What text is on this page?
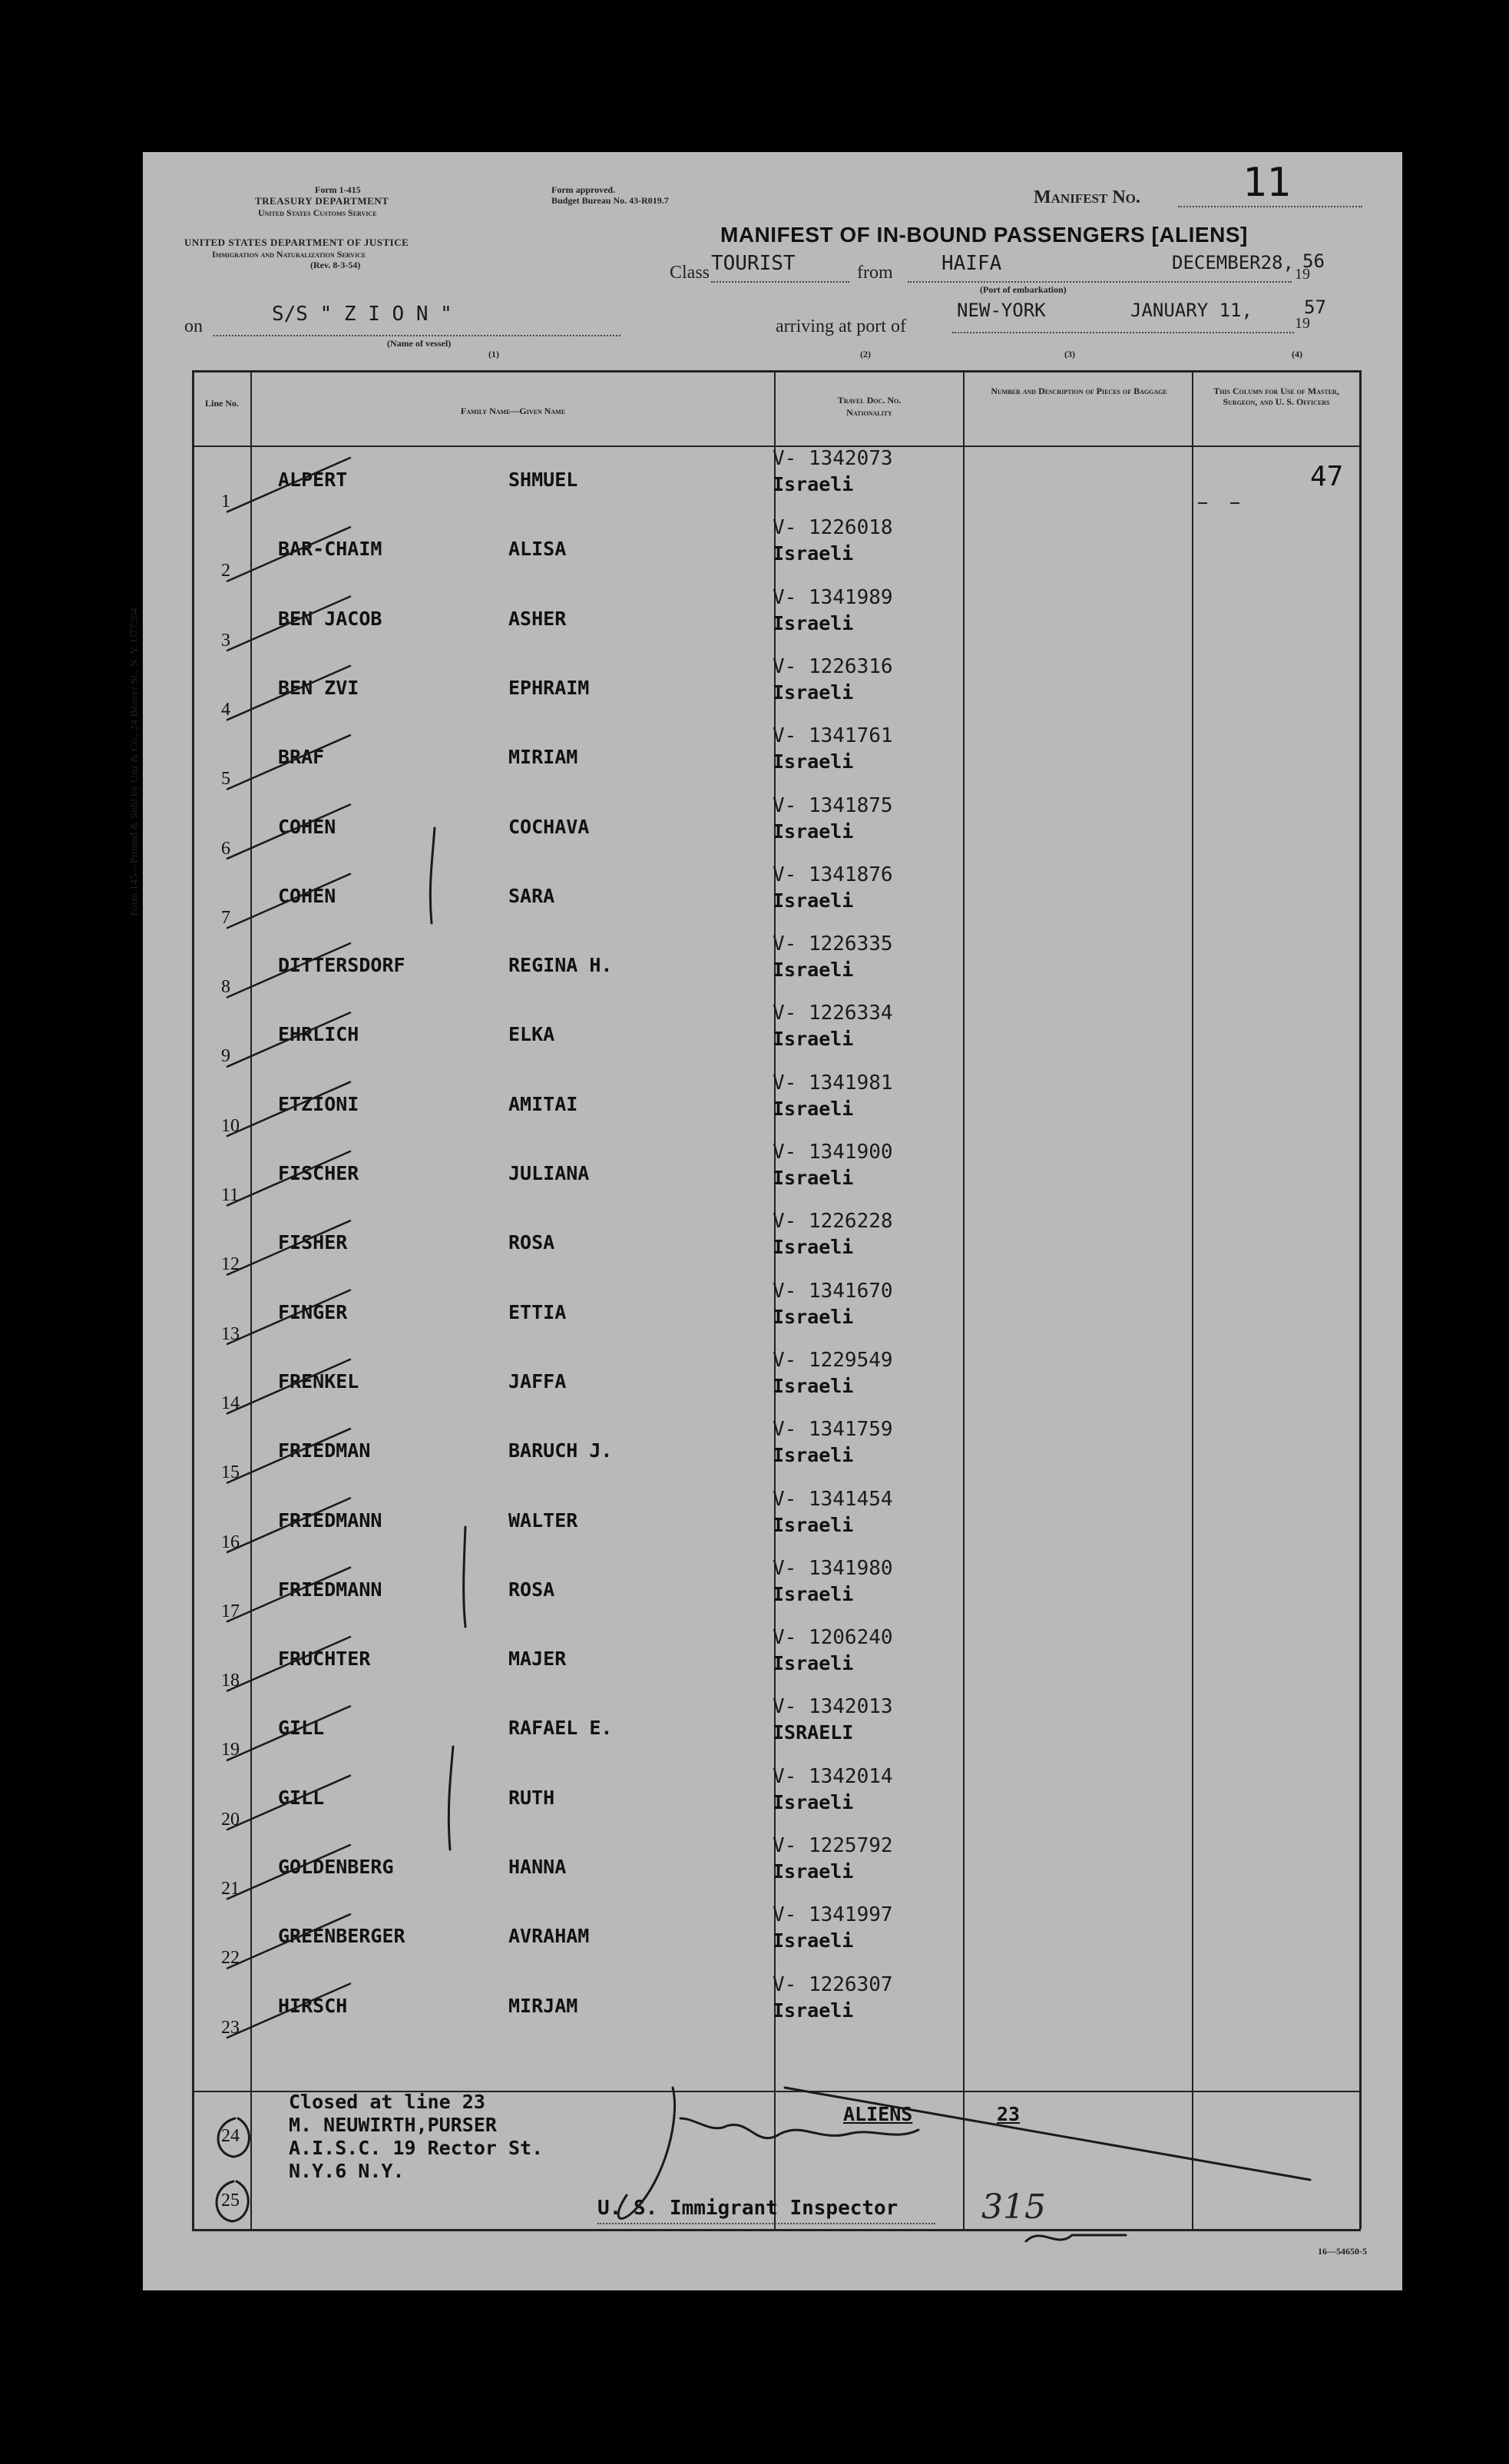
Form 145—Printed & Sold by Unz & Co., 24 Beaver St., N. Y. U77204
Form 1-415
TREASURY DEPARTMENT
United States Customs Service
UNITED STATES DEPARTMENT OF JUSTICE
Immigration and Naturalization Service
(Rev. 8-3-54)
Form approved.
Budget Bureau No. 43-R019.7	Manifest No.	11
MANIFEST OF IN-BOUND PASSENGERS [ALIENS]
Class TOURIST	from HAIFA	DECEMBER28,
19
56
(Port of embarkation)
on
S/S " Z I O N "
(Name of vessel)
(1)
arriving at port of
NEW-YORK	JANUARY 11,
19
57
(2)	(3)	(4)
Line No.
Family Name—Given Name
Travel Doc. No.
Nationality
Number and Description of Pieces of Baggage	This Column for Use of Master, Surgeon, and U. S. Officers
47
1
ALPERT	SHMUEL
V- 1342073
Israeli
2
BAR-CHAIM	ALISA
V- 1226018
Israeli
3
BEN JACOB	ASHER
V- 1341989
Israeli
4
BEN ZVI	EPHRAIM
V- 1226316
Israeli
5
BRAF	MIRIAM
V- 1341761
Israeli
6
COHEN	COCHAVA
V- 1341875
Israeli
7
COHEN	SARA
V- 1341876
Israeli
8
DITTERSDORF	REGINA H.
V- 1226335
Israeli
9
EHRLICH	ELKA
V- 1226334
Israeli
10
ETZIONI	AMITAI
V- 1341981
Israeli
11
FISCHER	JULIANA
V- 1341900
Israeli
12
FISHER	ROSA
V- 1226228
Israeli
13
FINGER	ETTIA
V- 1341670
Israeli
14
FRENKEL	JAFFA
V- 1229549
Israeli
15
FRIEDMAN	BARUCH J.
V- 1341759
Israeli
16
FRIEDMANN	WALTER
V- 1341454
Israeli
17
FRIEDMANN	ROSA
V- 1341980
Israeli
18
FRUCHTER	MAJER
V- 1206240
Israeli
19
GILL	RAFAEL E.
V- 1342013
ISRAELI
20
GILL	RUTH
V- 1342014
Israeli
21
GOLDENBERG	HANNA
V- 1225792
Israeli
22
GREENBERGER	AVRAHAM
V- 1341997
Israeli
23
HIRSCH	MIRJAM
V- 1226307
Israeli
24
25
Closed at line 23
M. NEUWIRTH,PURSER
A.I.S.C. 19 Rector St.
N.Y.6 N.Y.
ALIENS	23
U. S. Immigrant Inspector 315
16—54650-5
